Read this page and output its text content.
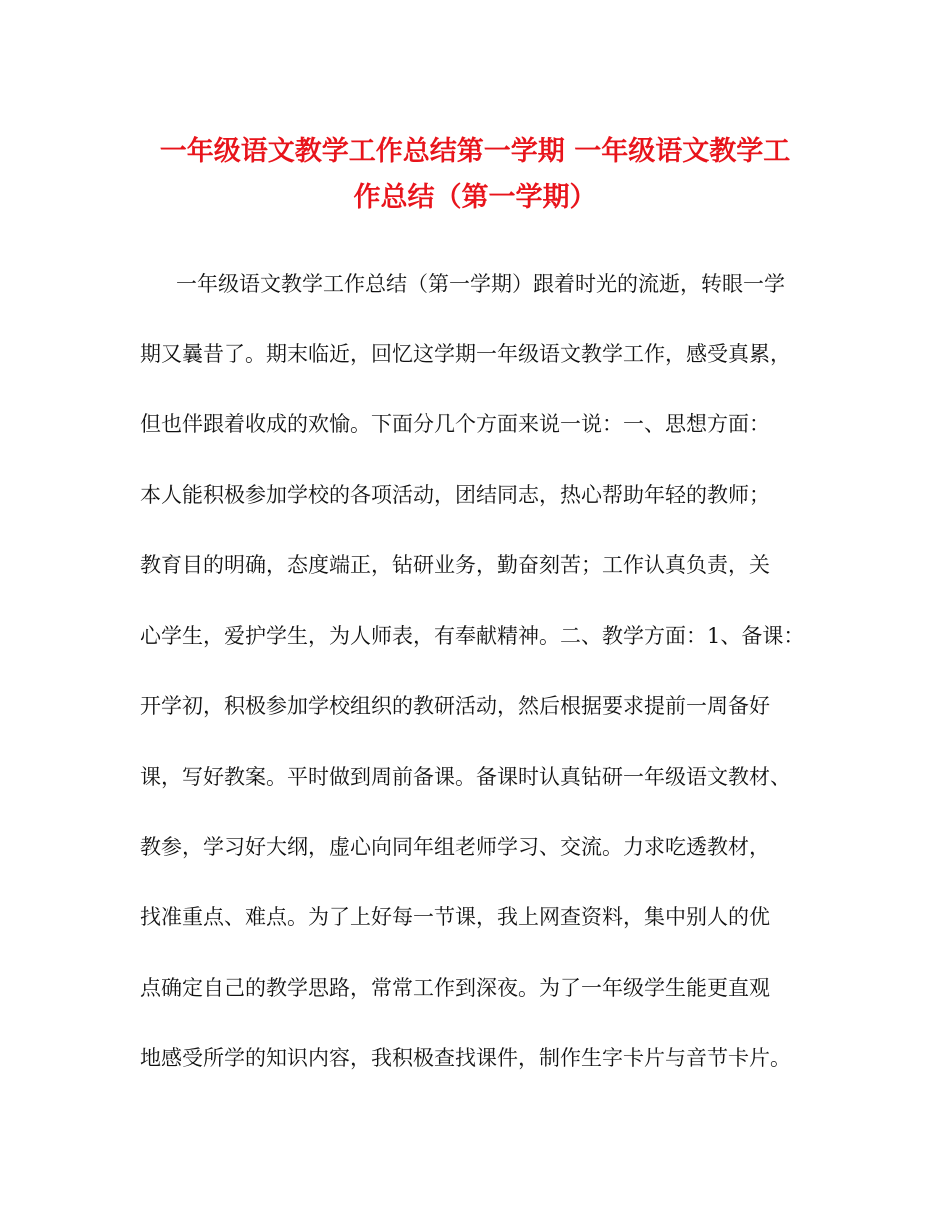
一年级语文教学工作总结第一学期 一年级语文教学工
作总结（第一学期）

一年级语文教学工作总结（第一学期）跟着时光的流逝，转眼一学

期又曩昔了。期末临近，回忆这学期一年级语文教学工作，感受真累，

但也伴跟着收成的欢愉。下面分几个方面来说一说：一、思想方面：

本人能积极参加学校的各项活动，团结同志，热心帮助年轻的教师；

教育目的明确，态度端正，钻研业务，勤奋刻苦；工作认真负责，关

心学生，爱护学生，为人师表，有奉献精神。二、教学方面：1、备课：

开学初，积极参加学校组织的教研活动，然后根据要求提前一周备好

课，写好教案。平时做到周前备课。备课时认真钻研一年级语文教材、

教参，学习好大纲，虚心向同年组老师学习、交流。力求吃透教材，

找准重点、难点。为了上好每一节课，我上网查资料，集中别人的优

点确定自己的教学思路，常常工作到深夜。为了一年级学生能更直观

地感受所学的知识内容，我积极查找课件，制作生字卡片与音节卡片。
